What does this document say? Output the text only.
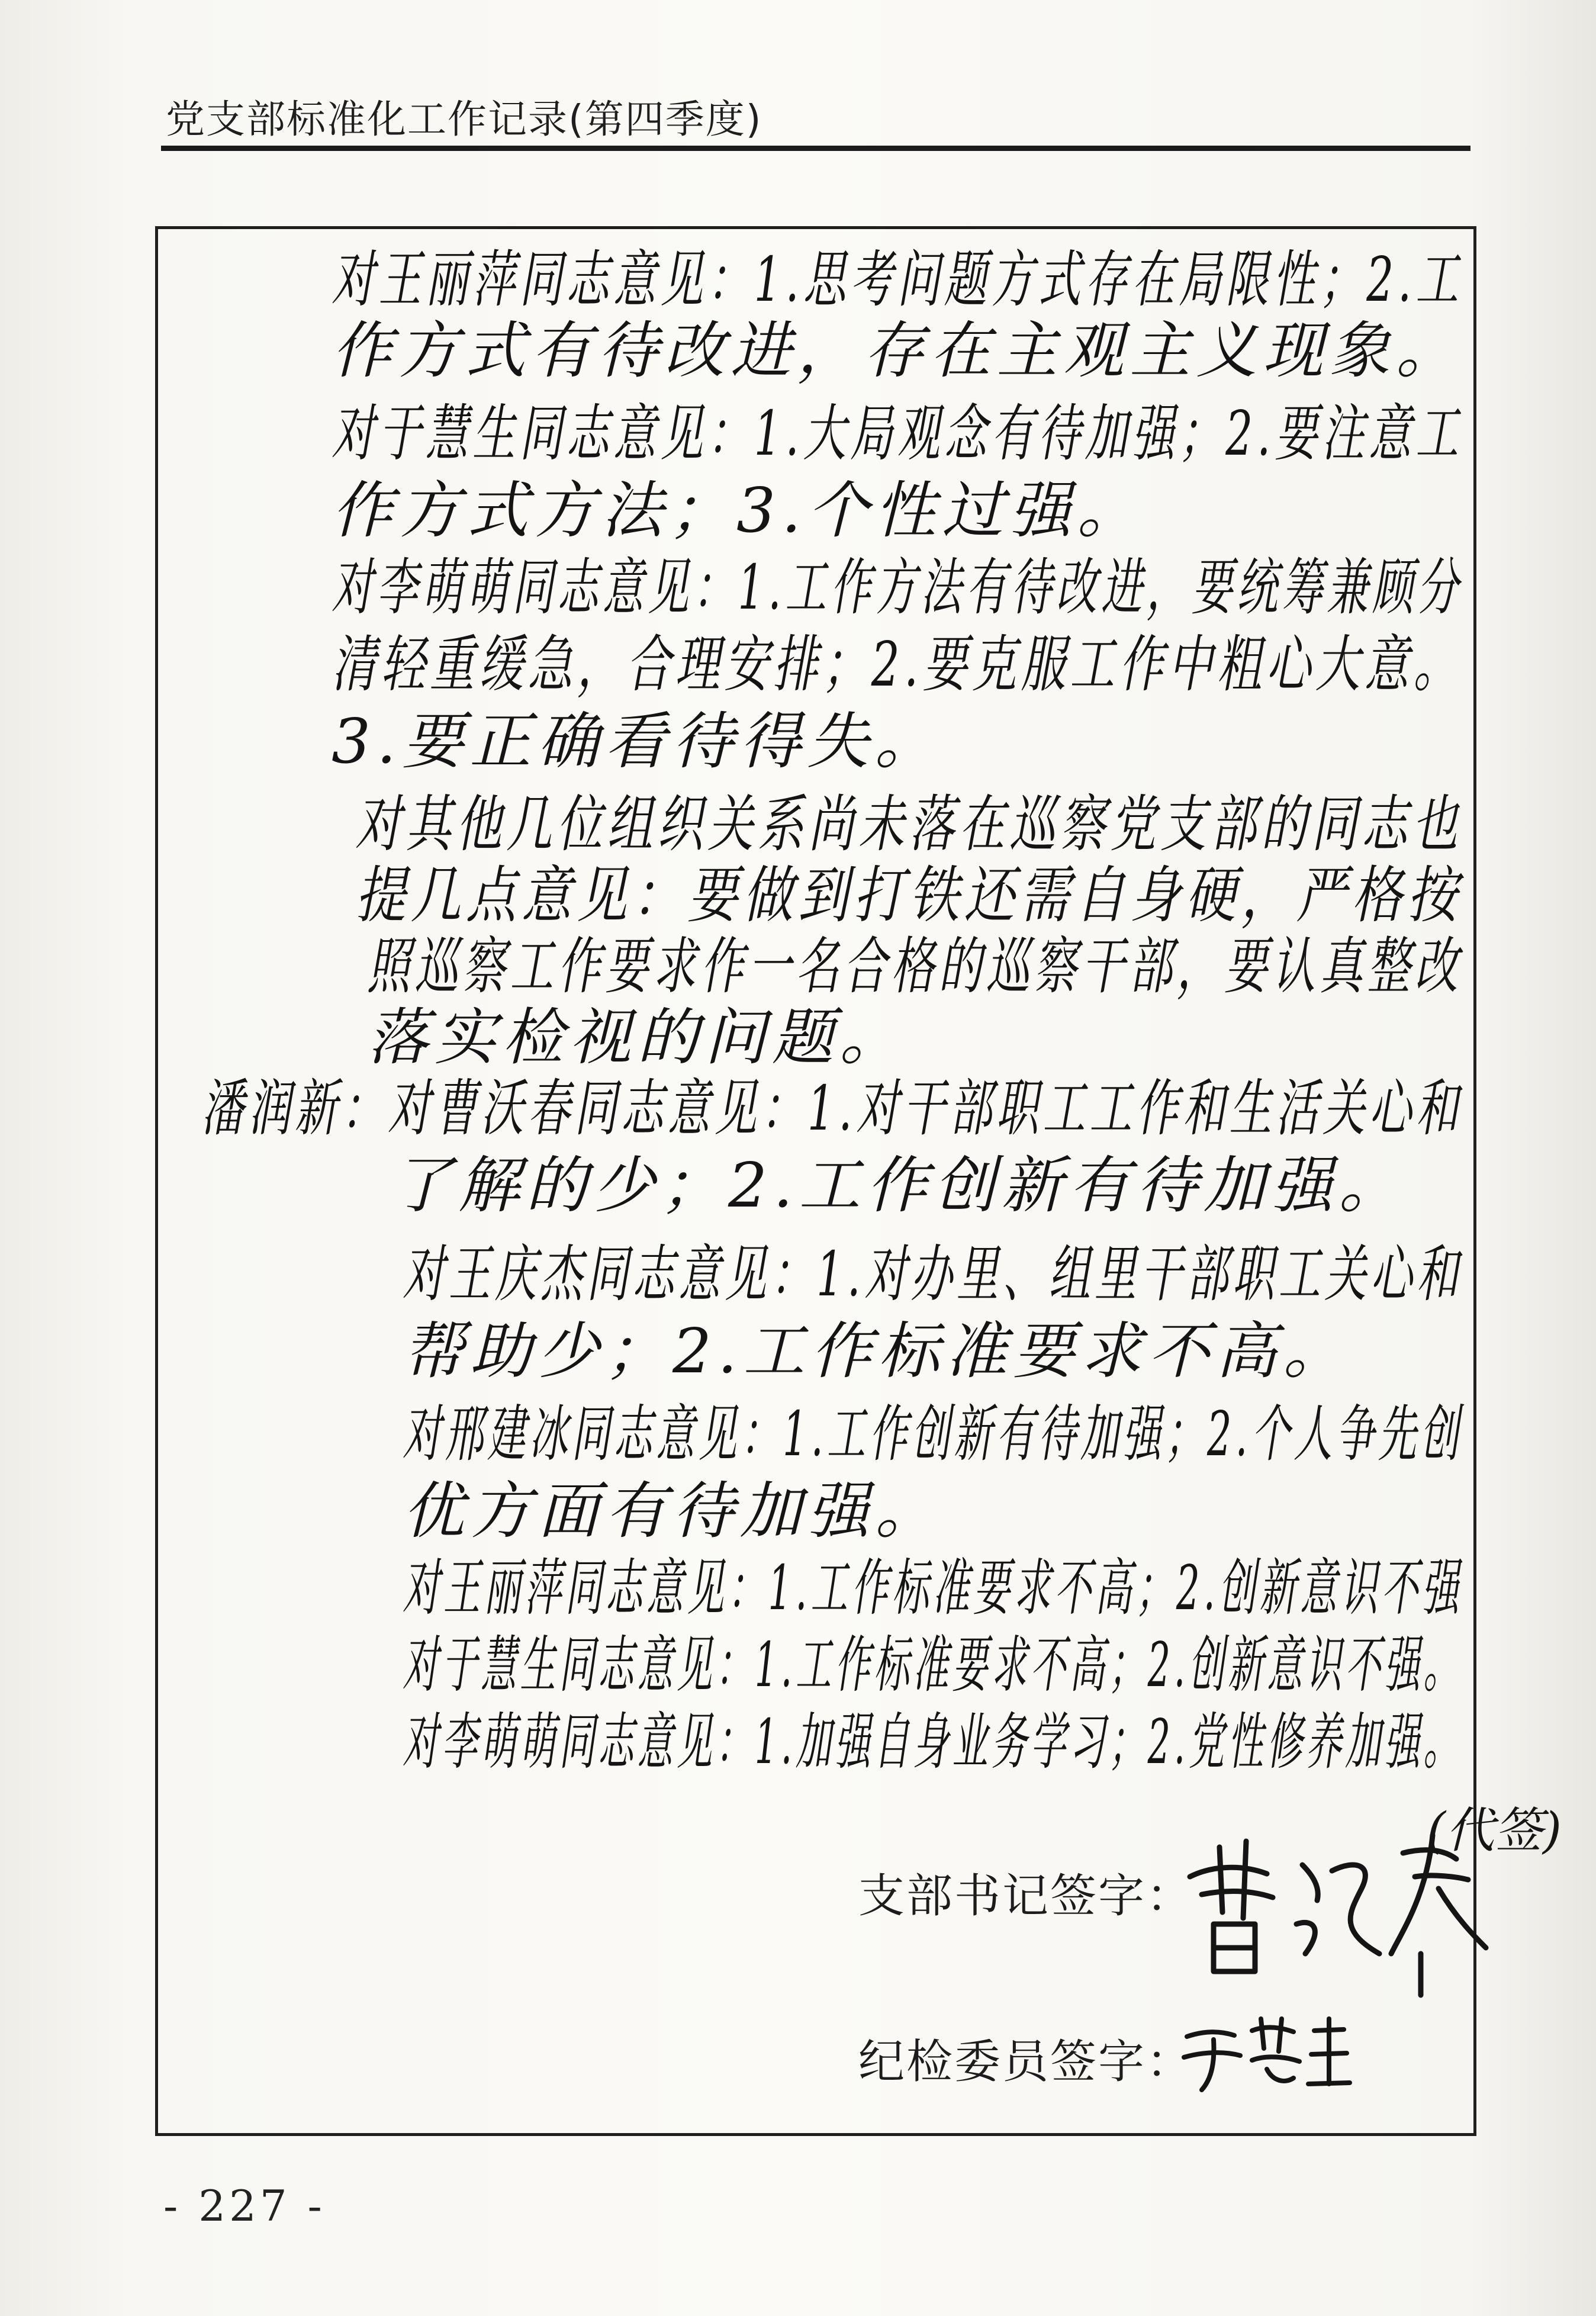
党支部标准化工作记录(第四季度)
对王丽萍同志意见：1.思考问题方式存在局限性；2.工
作方式有待改进，存在主观主义现象。
对于慧生同志意见：1.大局观念有待加强；2.要注意工
作方式方法；3.个性过强。
对李萌萌同志意见：1.工作方法有待改进，要统筹兼顾分
清轻重缓急，合理安排；2.要克服工作中粗心大意。
3.要正确看待得失。
对其他几位组织关系尚未落在巡察党支部的同志也
提几点意见：要做到打铁还需自身硬，严格按
照巡察工作要求作一名合格的巡察干部，要认真整改
落实检视的问题。
潘润新：对曹沃春同志意见：1.对干部职工工作和生活关心和
了解的少；2.工作创新有待加强。
对王庆杰同志意见：1.对办里、组里干部职工关心和
帮助少；2.工作标准要求不高。
对邢建冰同志意见：1.工作创新有待加强；2.个人争先创
优方面有待加强。
对王丽萍同志意见：1.工作标准要求不高；2.创新意识不强
对于慧生同志意见：1.工作标准要求不高；2.创新意识不强。
对李萌萌同志意见：1.加强自身业务学习；2.党性修养加强。
支部书记签字：
(代签)
纪检委员签字：
- 227 -
